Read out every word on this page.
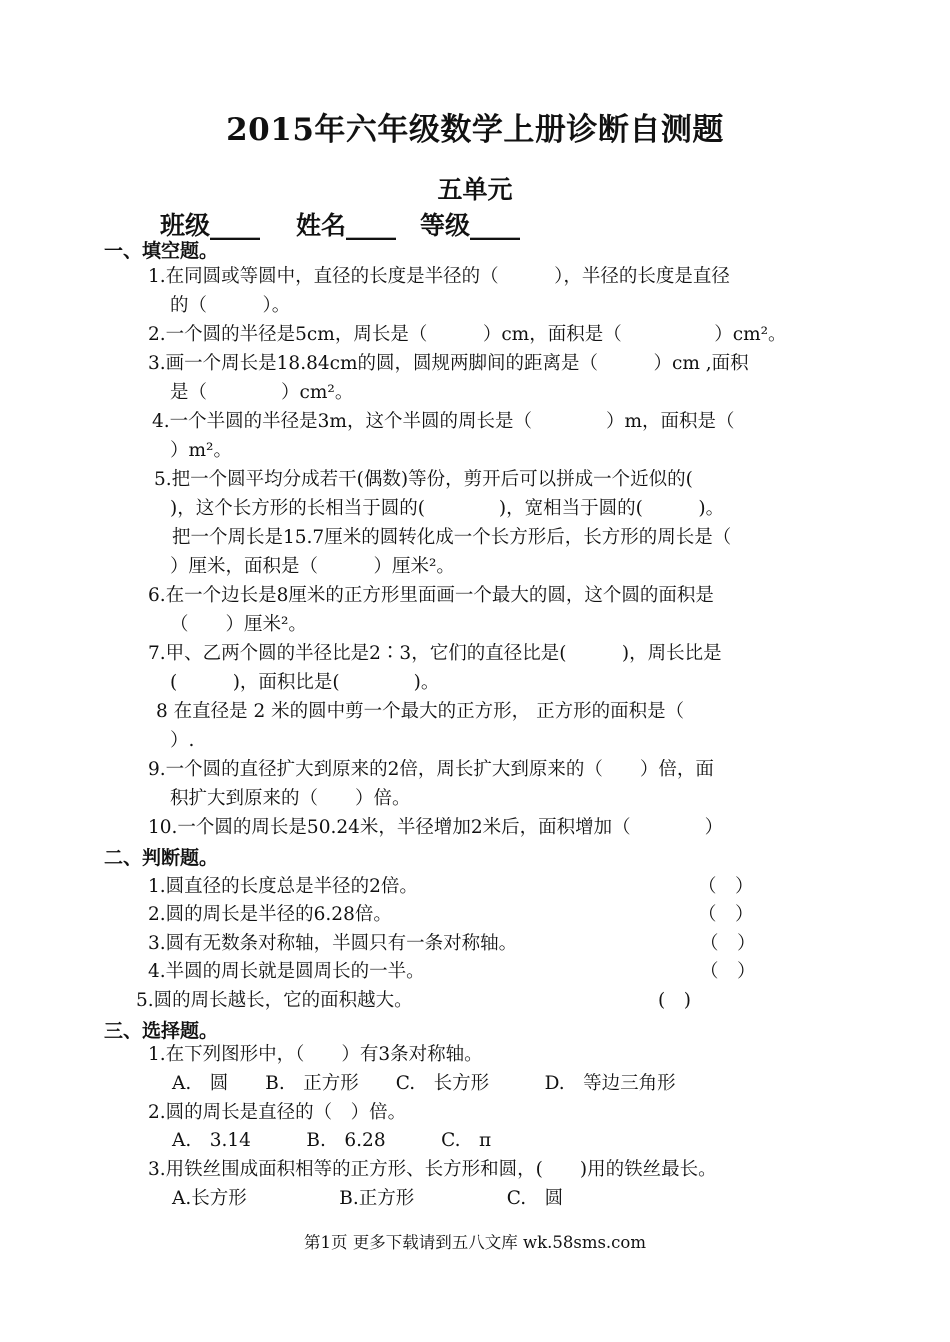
2015年六年级数学上册诊断自测题
五单元
班级____ 姓名____ 等级____
一、填空题。
1.在同圆或等圆中，直径的长度是半径的（　　　），半径的长度是直径
的（　　　）。
2.一个圆的半径是5cm，周长是（　　　）cm，面积是（　　　　　）cm²。
3.画一个周长是18.84cm的圆，圆规两脚间的距离是（　　　）cm ,面积
是（　　　　）cm²。
4.一个半圆的半径是3m，这个半圆的周长是（　　　　）m，面积是（
）m²。
5.把一个圆平均分成若干(偶数)等份，剪开后可以拼成一个近似的(
)，这个长方形的长相当于圆的(　　　　)，宽相当于圆的(　　　)。
把一个周长是15.7厘米的圆转化成一个长方形后，长方形的周长是（
）厘米，面积是（　　　）厘米²。
6.在一个边长是8厘米的正方形里面画一个最大的圆，这个圆的面积是
（　　）厘米²。
7.甲、乙两个圆的半径比是2∶3，它们的直径比是(　　　)，周长比是
(　　　)，面积比是(　　　　)。
8 在直径是 2 米的圆中剪一个最大的正方形， 正方形的面积是（
）.
9.一个圆的直径扩大到原来的2倍，周长扩大到原来的（　　）倍，面
积扩大到原来的（　　）倍。
10.一个圆的周长是50.24米，半径增加2米后，面积增加（　　　　）
二、判断题。
1.圆直径的长度总是半径的2倍。	（　）
2.圆的周长是半径的6.28倍。	（　）
3.圆有无数条对称轴，半圆只有一条对称轴。	（　）
4.半圆的周长就是圆周长的一半。	（　）
5.圆的周长越长，它的面积越大。	(　)
三、选择题。
1.在下列图形中，（　　）有3条对称轴。
A.　圆　　B.　正方形　　C.　长方形　　　D.　等边三角形
2.圆的周长是直径的（　）倍。
A.　3.14　　　B.　6.28　　　C.　π
3.用铁丝围成面积相等的正方形、长方形和圆，(　　)用的铁丝最长。
A.长方形　　　　　B.正方形　　　　　C.　圆
第1页 更多下载请到五八文库 wk.58sms.com
